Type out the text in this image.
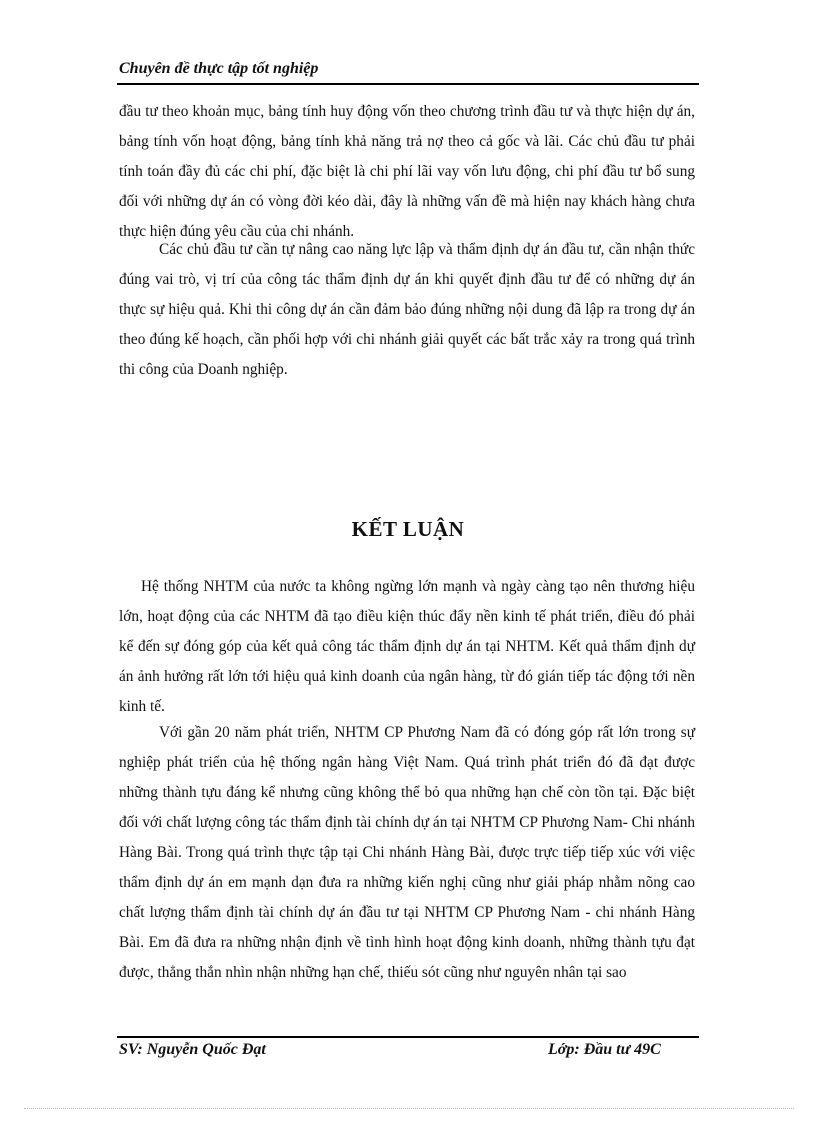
Chuyên đề thực tập tốt nghiệp

đầu tư theo khoản mục, bảng tính huy động vốn theo chương trình đầu tư và thực hiện dự án, bảng tính vốn hoạt động, bảng tính khả năng trả nợ theo cả gốc và lãi. Các chủ đầu tư phải tính toán đầy đủ các chi phí, đặc biệt là chi phí lãi vay vốn lưu động, chi phí đầu tư bổ sung đối với những dự án có vòng đời kéo dài, đây là những vấn đề mà hiện nay khách hàng chưa thực hiện đúng yêu cầu của chi nhánh.

Các chủ đầu tư cần tự nâng cao năng lực lập và thẩm định dự án đầu tư, cần nhận thức đúng vai trò, vị trí của công tác thẩm định dự án khi quyết định đầu tư để có những dự án thực sự hiệu quả. Khi thi công dự án cần đảm bảo đúng những nội dung đã lập ra trong dự án theo đúng kế hoạch, cần phối hợp với chi nhánh giải quyết các bất trắc xảy ra trong quá trình thi công của Doanh nghiệp.

KẾT LUẬN

Hệ thống NHTM của nước ta không ngừng lớn mạnh và ngày càng tạo nên thương hiệu lớn, hoạt động của các NHTM đã tạo điều kiện thúc đẩy nền kinh tế phát triển, điều đó phải kể đến sự đóng góp của kết quả công tác thẩm định dự án tại NHTM. Kết quả thẩm định dự án ảnh hưởng rất lớn tới hiệu quả kinh doanh của ngân hàng, từ đó gián tiếp tác động tới nền kinh tế.

Với gần 20 năm phát triển, NHTM CP Phương Nam đã có đóng góp rất lớn trong sự nghiệp phát triển của hệ thống ngân hàng Việt Nam. Quá trình phát triển đó đã đạt được những thành tựu đáng kể nhưng cũng không thể bỏ qua những hạn chế còn tồn tại. Đặc biệt đối với chất lượng công tác thẩm định tài chính dự án tại NHTM CP Phương Nam- Chi nhánh Hàng Bài. Trong quá trình thực tập tại Chi nhánh Hàng Bài, được trực tiếp tiếp xúc với việc thẩm định dự án em mạnh dạn đưa ra những kiến nghị cũng như giải pháp nhằm nõng cao chất lượng thẩm định tài chính dự án đầu tư tại NHTM CP Phương Nam - chi nhánh Hàng Bài. Em đã đưa ra những nhận định về tình hình hoạt động kinh doanh, những thành tựu đạt được, thẳng thắn nhìn nhận những hạn chế, thiếu sót cũng như nguyên nhân tại sao

SV: Nguyễn Quốc Đạt	Lớp: Đầu tư 49C
